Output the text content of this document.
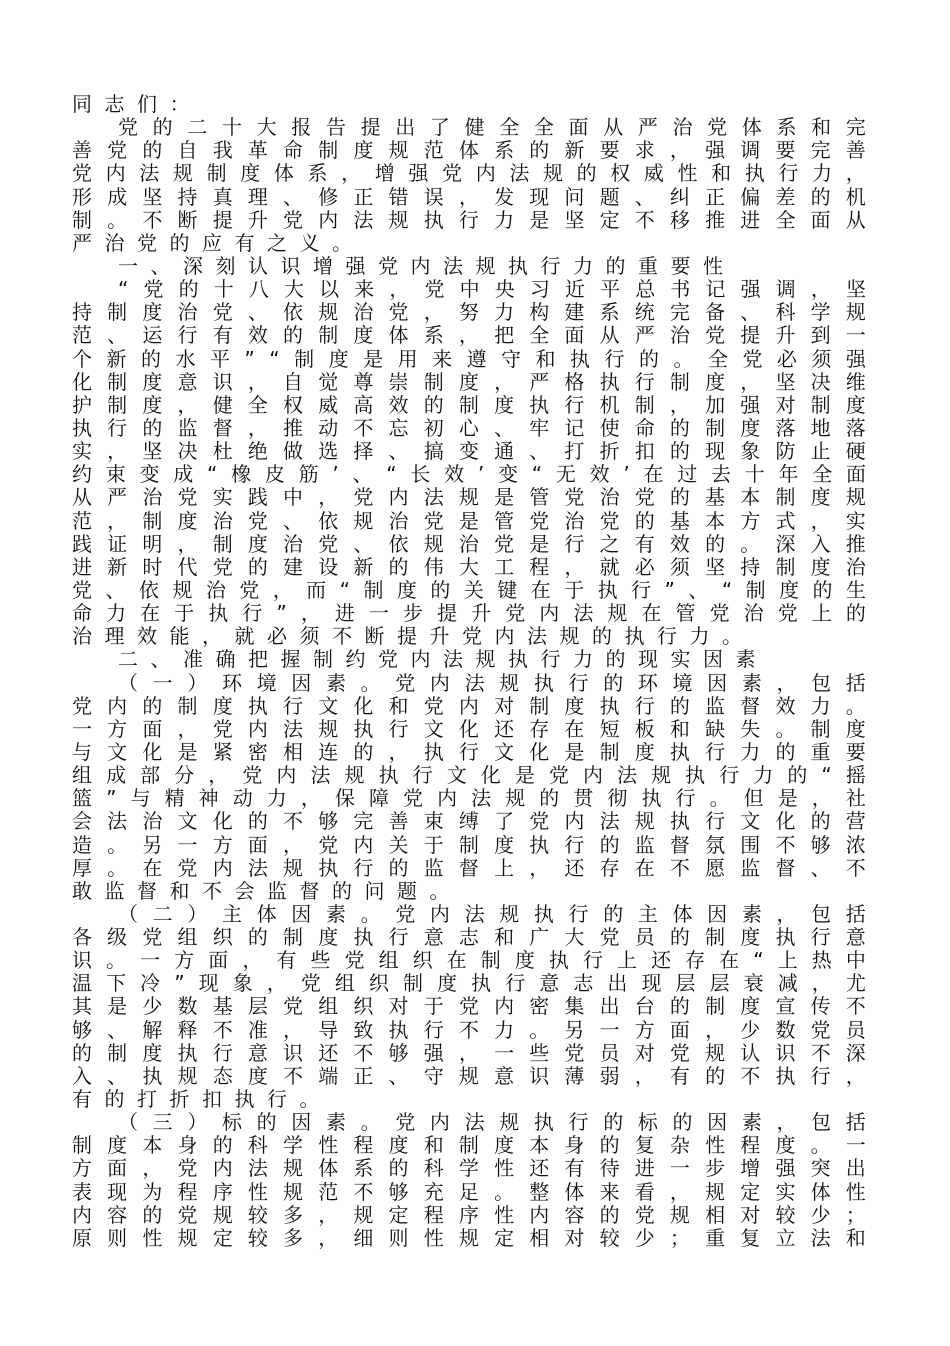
同志们：
党 的 二 十 大 报 告 提 出 了 健 全 全 面 从 严 治 党 体 系 和 完
善 党 的 自 我 革 命 制 度 规 范 体 系 的 新 要 求 ， 强 调 要 完 善
党 内 法 规 制 度 体 系 ， 增 强 党 内 法 规 的 权 威 性 和 执 行 力 ，
形 成 坚 持 真 理 、 修 正 错 误 ， 发 现 问 题 、 纠 正 偏 差 的 机
制 。 不 断 提 升 党 内 法 规 执 行 力 是 坚 定 不 移 推 进 全 面 从
严治党的应有之义。
一、深刻认识增强党内法规执行力的重要性
“ 党 的 十 八 大 以 来 ， 党 中 央 习 近 平 总 书 记 强 调 ， 坚
持 制 度 治 党 、 依 规 治 党 ， 努 力 构 建 系 统 完 备 、 科 学 规
范 、 运 行 有 效 的 制 度 体 系 ， 把 全 面 从 严 治 党 提 升 到 一
个 新 的 水 平 ” “ 制 度 是 用 来 遵 守 和 执 行 的 。 全 党 必 须 强
化 制 度 意 识 ， 自 觉 尊 崇 制 度 ， 严 格 执 行 制 度 ， 坚 决 维
护 制 度 ， 健 全 权 威 高 效 的 制 度 执 行 机 制 ， 加 强 对 制 度
执 行 的 监 督 ， 推 动 不 忘 初 心 、 牢 记 使 命 的 制 度 落 地 落
实 ， 坚 决 杜 绝 做 选 择 、 搞 变 通 、 打 折 扣 的 现 象 防 止 硬
约 束 变 成 “ 橡 皮 筋 ’ 、 “ 长 效 ’ 变 “ 无 效 ’ 在 过 去 十 年 全 面
从 严 治 党 实 践 中 ， 党 内 法 规 是 管 党 治 党 的 基 本 制 度 规
范 ， 制 度 治 党 、 依 规 治 党 是 管 党 治 党 的 基 本 方 式 ， 实
践 证 明 ， 制 度 治 党 、 依 规 治 党 是 行 之 有 效 的 。 深 入 推
进 新 时 代 党 的 建 设 新 的 伟 大 工 程 ， 就 必 须 坚 持 制 度 治
党 、 依 规 治 党 ， 而 “ 制 度 的 关 键 在 于 执 行 ” 、 “ 制 度 的 生
命 力 在 于 执 行 ” ， 进 一 步 提 升 党 内 法 规 在 管 党 治 党 上 的
治理效能，就必须不断提升党内法规的执行力。
二、准确把握制约党内法规执行力的现实因素
（ 一 ） 环 境 因 素 。 党 内 法 规 执 行 的 环 境 因 素 ， 包 括
党 内 的 制 度 执 行 文 化 和 党 内 对 制 度 执 行 的 监 督 效 力 。
一 方 面 ， 党 内 法 规 执 行 文 化 还 存 在 短 板 和 缺 失 。 制 度
与 文 化 是 紧 密 相 连 的 ， 执 行 文 化 是 制 度 执 行 力 的 重 要
组 成 部 分 ， 党 内 法 规 执 行 文 化 是 党 内 法 规 执 行 力 的 “ 摇
篮 ” 与 精 神 动 力 ， 保 障 党 内 法 规 的 贯 彻 执 行 。 但 是 ， 社
会 法 治 文 化 的 不 够 完 善 束 缚 了 党 内 法 规 执 行 文 化 的 营
造 。 另 一 方 面 ， 党 内 关 于 制 度 执 行 的 监 督 氛 围 不 够 浓
厚 。 在 党 内 法 规 执 行 的 监 督 上 ， 还 存 在 不 愿 监 督 、 不
敢监督和不会监督的问题。
（ 二 ） 主 体 因 素 。 党 内 法 规 执 行 的 主 体 因 素 ， 包 括
各 级 党 组 织 的 制 度 执 行 意 志 和 广 大 党 员 的 制 度 执 行 意
识 。 一 方 面 ， 有 些 党 组 织 在 制 度 执 行 上 还 存 在 “ 上 热 中
温 下 冷 ” 现 象 ， 党 组 织 制 度 执 行 意 志 出 现 层 层 衰 减 ， 尤
其 是 少 数 基 层 党 组 织 对 于 党 内 密 集 出 台 的 制 度 宣 传 不
够 、 解 释 不 准 ， 导 致 执 行 不 力 。 另 一 方 面 ， 少 数 党 员
的 制 度 执 行 意 识 还 不 够 强 ， 一 些 党 员 对 党 规 认 识 不 深
入 、 执 规 态 度 不 端 正 、 守 规 意 识 薄 弱 ， 有 的 不 执 行 ，
有的打折扣执行。
（ 三 ） 标 的 因 素 。 党 内 法 规 执 行 的 标 的 因 素 ， 包 括
制 度 本 身 的 科 学 性 程 度 和 制 度 本 身 的 复 杂 性 程 度 。 一
方 面 ， 党 内 法 规 体 系 的 科 学 性 还 有 待 进 一 步 增 强 突 出
表 现 为 程 序 性 规 范 不 够 充 足 。 整 体 来 看 ， 规 定 实 体 性
内 容 的 党 规 较 多 ， 规 定 程 序 性 内 容 的 党 规 相 对 较 少 ；
原 则 性 规 定 较 多 ， 细 则 性 规 定 相 对 较 少 ； 重 复 立 法 和
